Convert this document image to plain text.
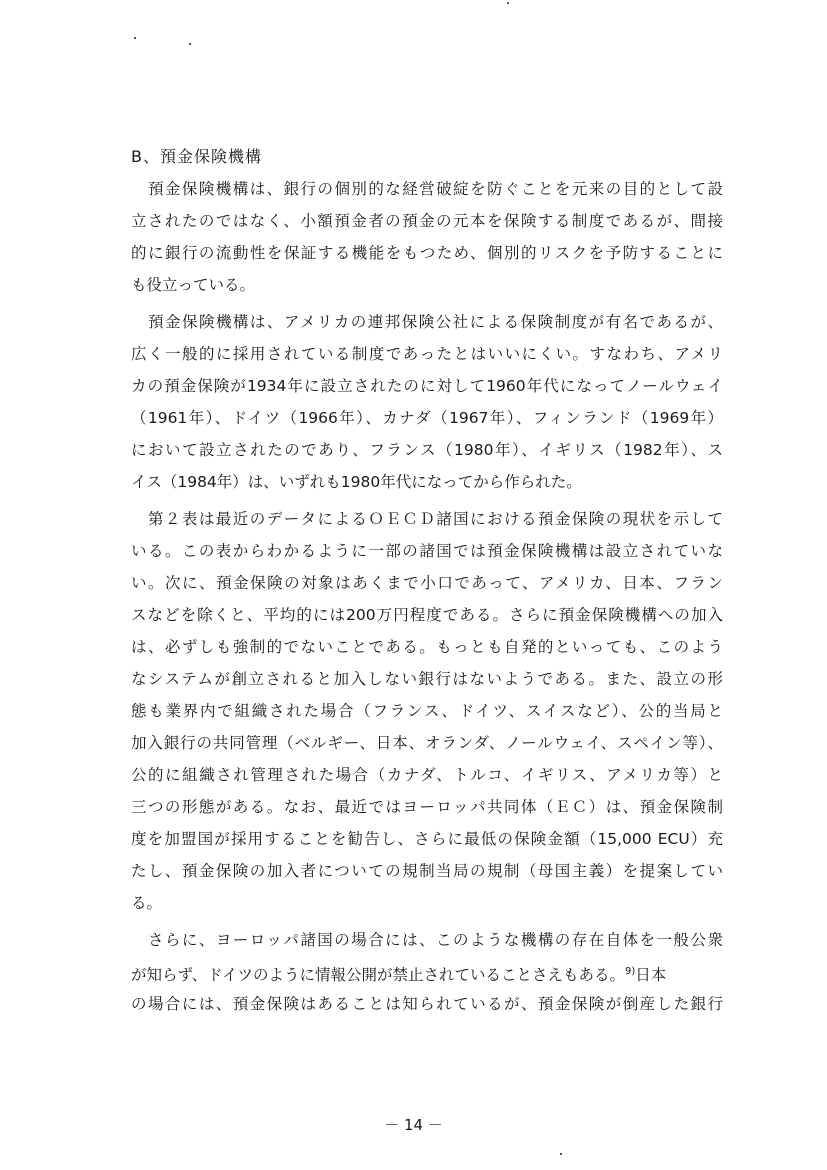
B、預金保険機構
　預金保険機構は、銀行の個別的な経営破綻を防ぐことを元来の目的として設
立されたのではなく、小額預金者の預金の元本を保険する制度であるが、間接
的に銀行の流動性を保証する機能をもつため、個別的リスクを予防することに
も役立っている。
　預金保険機構は、アメリカの連邦保険公社による保険制度が有名であるが、
広く一般的に採用されている制度であったとはいいにくい。すなわち、アメリ
カの預金保険が1934年に設立されたのに対して1960年代になってノールウェイ
（1961年）、ドイツ（1966年）、カナダ（1967年）、フィンランド（1969年）
において設立されたのであり、フランス（1980年）、イギリス（1982年）、ス
イス（1984年）は、いずれも1980年代になってから作られた。
　第２表は最近のデータによるＯＥＣＤ諸国における預金保険の現状を示して
いる。この表からわかるように一部の諸国では預金保険機構は設立されていな
い。次に、預金保険の対象はあくまで小口であって、アメリカ、日本、フラン
スなどを除くと、平均的には200万円程度である。さらに預金保険機構への加入
は、必ずしも強制的でないことである。もっとも自発的といっても、このよう
なシステムが創立されると加入しない銀行はないようである。また、設立の形
態も業界内で組織された場合（フランス、ドイツ、スイスなど）、公的当局と
加入銀行の共同管理（ベルギー、日本、オランダ、ノールウェイ、スペイン等）、
公的に組織され管理された場合（カナダ、トルコ、イギリス、アメリカ等）と
三つの形態がある。なお、最近ではヨーロッパ共同体（ＥＣ）は、預金保険制
度を加盟国が採用することを勧告し、さらに最低の保険金額（15,000 ECU）充
たし、預金保険の加入者についての規制当局の規制（母国主義）を提案してい
る。
　さらに、ヨーロッパ諸国の場合には、このような機構の存在自体を一般公衆
が知らず、ドイツのように情報公開が禁止されていることさえもある。$^{9)}$日本
の場合には、預金保険はあることは知られているが、預金保険が倒産した銀行
－ 14 －
